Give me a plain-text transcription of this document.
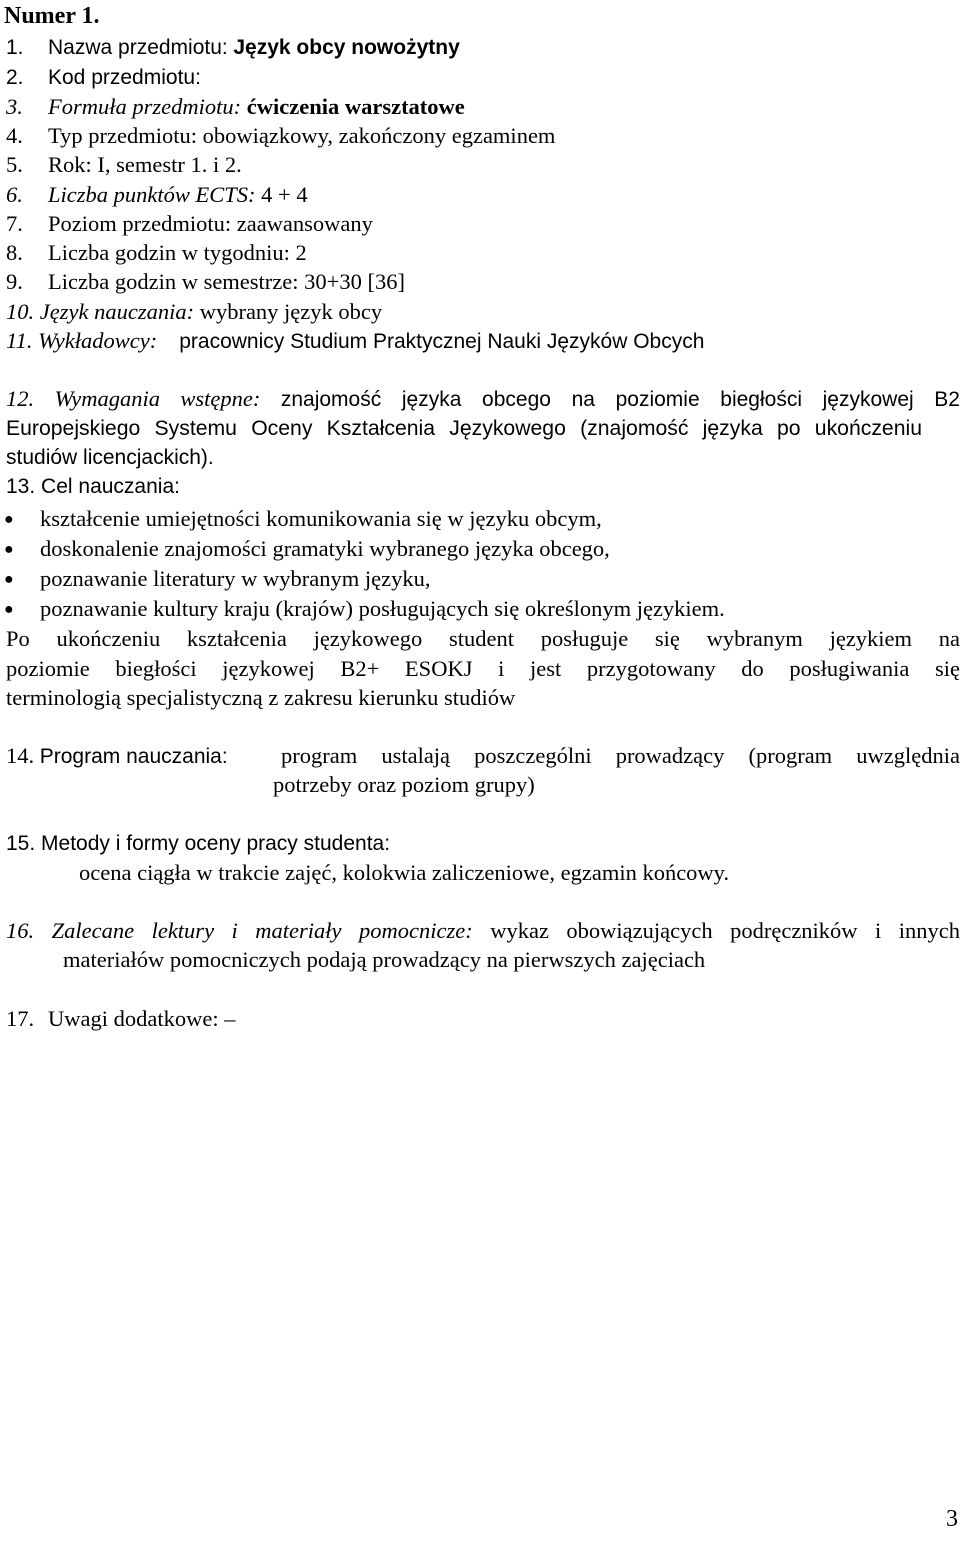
Numer 1.
1. Nazwa przedmiotu: Język obcy nowożytny
2. Kod przedmiotu:
3. Formuła przedmiotu: ćwiczenia warsztatowe
4. Typ przedmiotu: obowiązkowy, zakończony egzaminem
5. Rok: I, semestr 1. i 2.
6. Liczba punktów ECTS: 4 + 4
7. Poziom przedmiotu: zaawansowany
8. Liczba godzin w tygodniu: 2
9. Liczba godzin w semestrze: 30+30 [36]
10. Język nauczania: wybrany język obcy
11. Wykładowcy: pracownicy Studium Praktycznej Nauki Języków Obcych
12. Wymagania wstępne: znajomość języka obcego na poziomie biegłości językowej B2
Europejskiego Systemu Oceny Kształcenia Językowego (znajomość języka po ukończeniu
studiów licencjackich).
13. Cel nauczania:
● kształcenie umiejętności komunikowania się w języku obcym,
● doskonalenie znajomości gramatyki wybranego języka obcego,
● poznawanie literatury w wybranym języku,
● poznawanie kultury kraju (krajów) posługujących się określonym językiem.
Po ukończeniu kształcenia językowego student posługuje się wybranym językiem na
poziomie biegłości językowej B2+ ESOKJ i jest przygotowany do posługiwania się
terminologią specjalistyczną z zakresu kierunku studiów
14. Program nauczania: program ustalają poszczególni prowadzący (program uwzględnia
potrzeby oraz poziom grupy)
15. Metody i formy oceny pracy studenta:
ocena ciągła w trakcie zajęć, kolokwia zaliczeniowe, egzamin końcowy.
16. Zalecane lektury i materiały pomocnicze: wykaz obowiązujących podręczników i innych
materiałów pomocniczych podają prowadzący na pierwszych zajęciach
17. Uwagi dodatkowe: –
3
